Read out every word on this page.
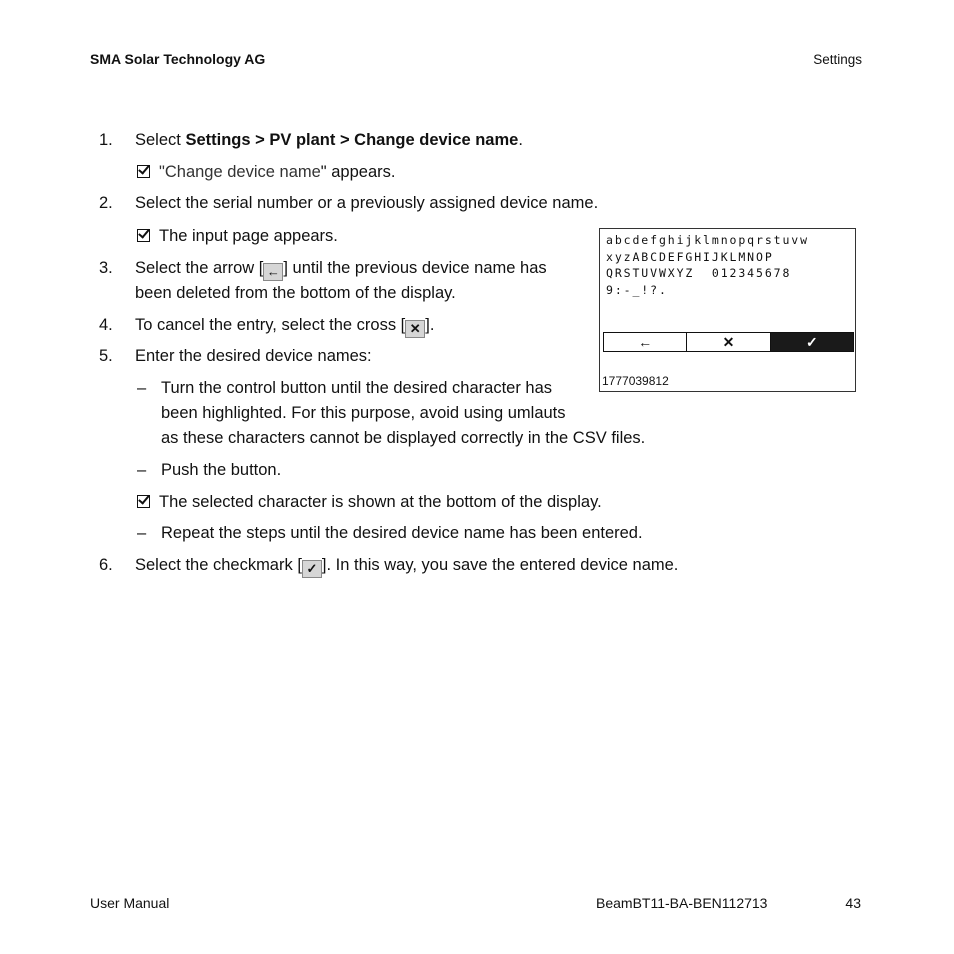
SMA Solar Technology AG	Settings
1. Select Settings > PV plant > Change device name.
"Change device name" appears.
2. Select the serial number or a previously assigned device name.
The input page appears.
3. Select the arrow [ ← ] until the previous device name has
been deleted from the bottom of the display.
4. To cancel the entry, select the cross [ ✕ ].
5. Enter the desired device names:
– Turn the control button until the desired character has
been highlighted. For this purpose, avoid using umlauts
as these characters cannot be displayed correctly in the CSV files.
– Push the button.
The selected character is shown at the bottom of the display.
– Repeat the steps until the desired device name has been entered.
6. Select the checkmark [ ✓ ]. In this way, you save the entered device name.
abcdefghijklmnopqrstuvw
xyzABCDEFGHIJKLMNOP
QRSTUVWXYZ  012345678
9:-_!?.
←	✕	✓
1777039812
User Manual	BeamBT11-BA-BEN112713	43
